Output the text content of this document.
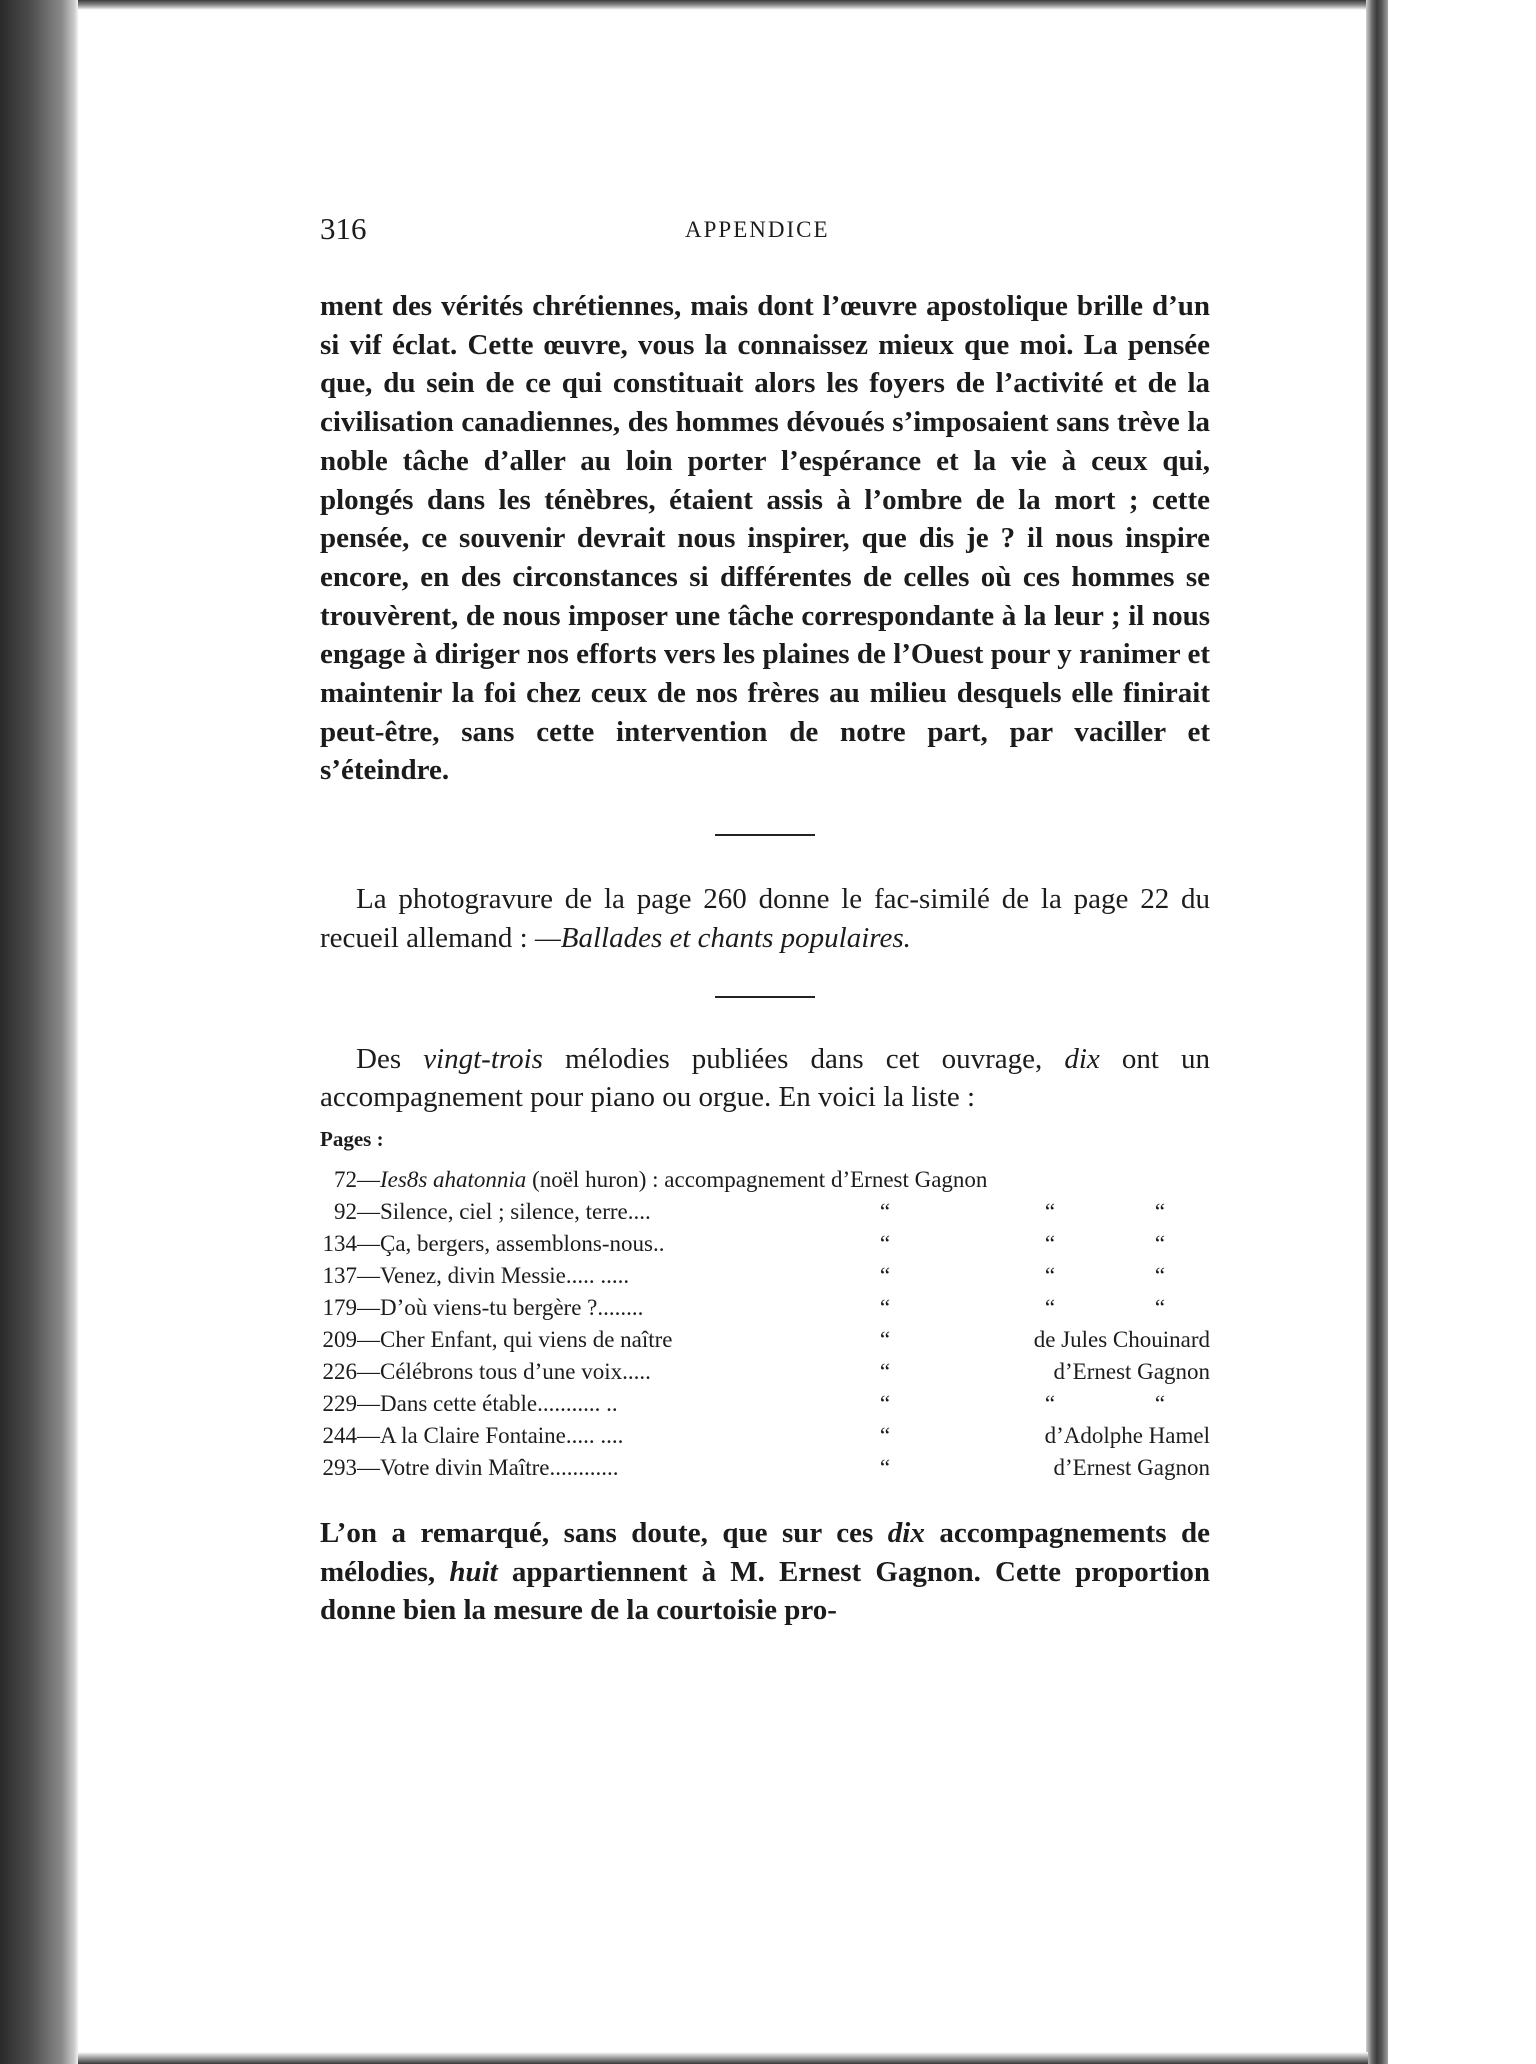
316	APPENDICE

ment des vérités chrétiennes, mais dont l’œuvre apostolique brille d’un si vif éclat. Cette œuvre, vous la connaissez mieux que moi. La pensée que, du sein de ce qui constituait alors les foyers de l’activité et de la civilisation canadiennes, des hommes dévoués s’imposaient sans trève la noble tâche d’aller au loin porter l’espérance et la vie à ceux qui, plongés dans les ténèbres, étaient assis à l’ombre de la mort ; cette pensée, ce souvenir devrait nous inspirer, que dis je ? il nous inspire encore, en des circonstances si différentes de celles où ces hommes se trouvèrent, de nous imposer une tâche correspondante à la leur ; il nous engage à diriger nos efforts vers les plaines de l’Ouest pour y ranimer et maintenir la foi chez ceux de nos frères au milieu desquels elle finirait peut-être, sans cette intervention de notre part, par vaciller et s’éteindre.

La photogravure de la page 260 donne le fac-similé de la page 22 du recueil allemand : —Ballades et chants populaires.

Des vingt-trois mélodies publiées dans cet ouvrage, dix ont un accompagnement pour piano ou orgue. En voici la liste :

Pages :
72— Ies8s ahatonnia (noël huron) : accompagnement d’Ernest Gagnon
92— Silence, ciel ; silence, terre....	“	“	“
134— Ça, bergers, assemblons-nous..	“	“	“
137— Venez, divin Messie..... .....	“	“	“
179— D’où viens-tu bergère ?........	“	“	“
209— Cher Enfant, qui viens de naître	“	de Jules Chouinard
226— Célébrons tous d’une voix.....	“	d’Ernest Gagnon
229— Dans cette étable........... ..	“	“	“
244— A la Claire Fontaine..... ....	“	d’Adolphe Hamel
293— Votre divin Maître............	“	d’Ernest Gagnon

L’on a remarqué, sans doute, que sur ces dix accompagnements de mélodies, huit appartiennent à M. Ernest Gagnon. Cette proportion donne bien la mesure de la courtoisie pro-
